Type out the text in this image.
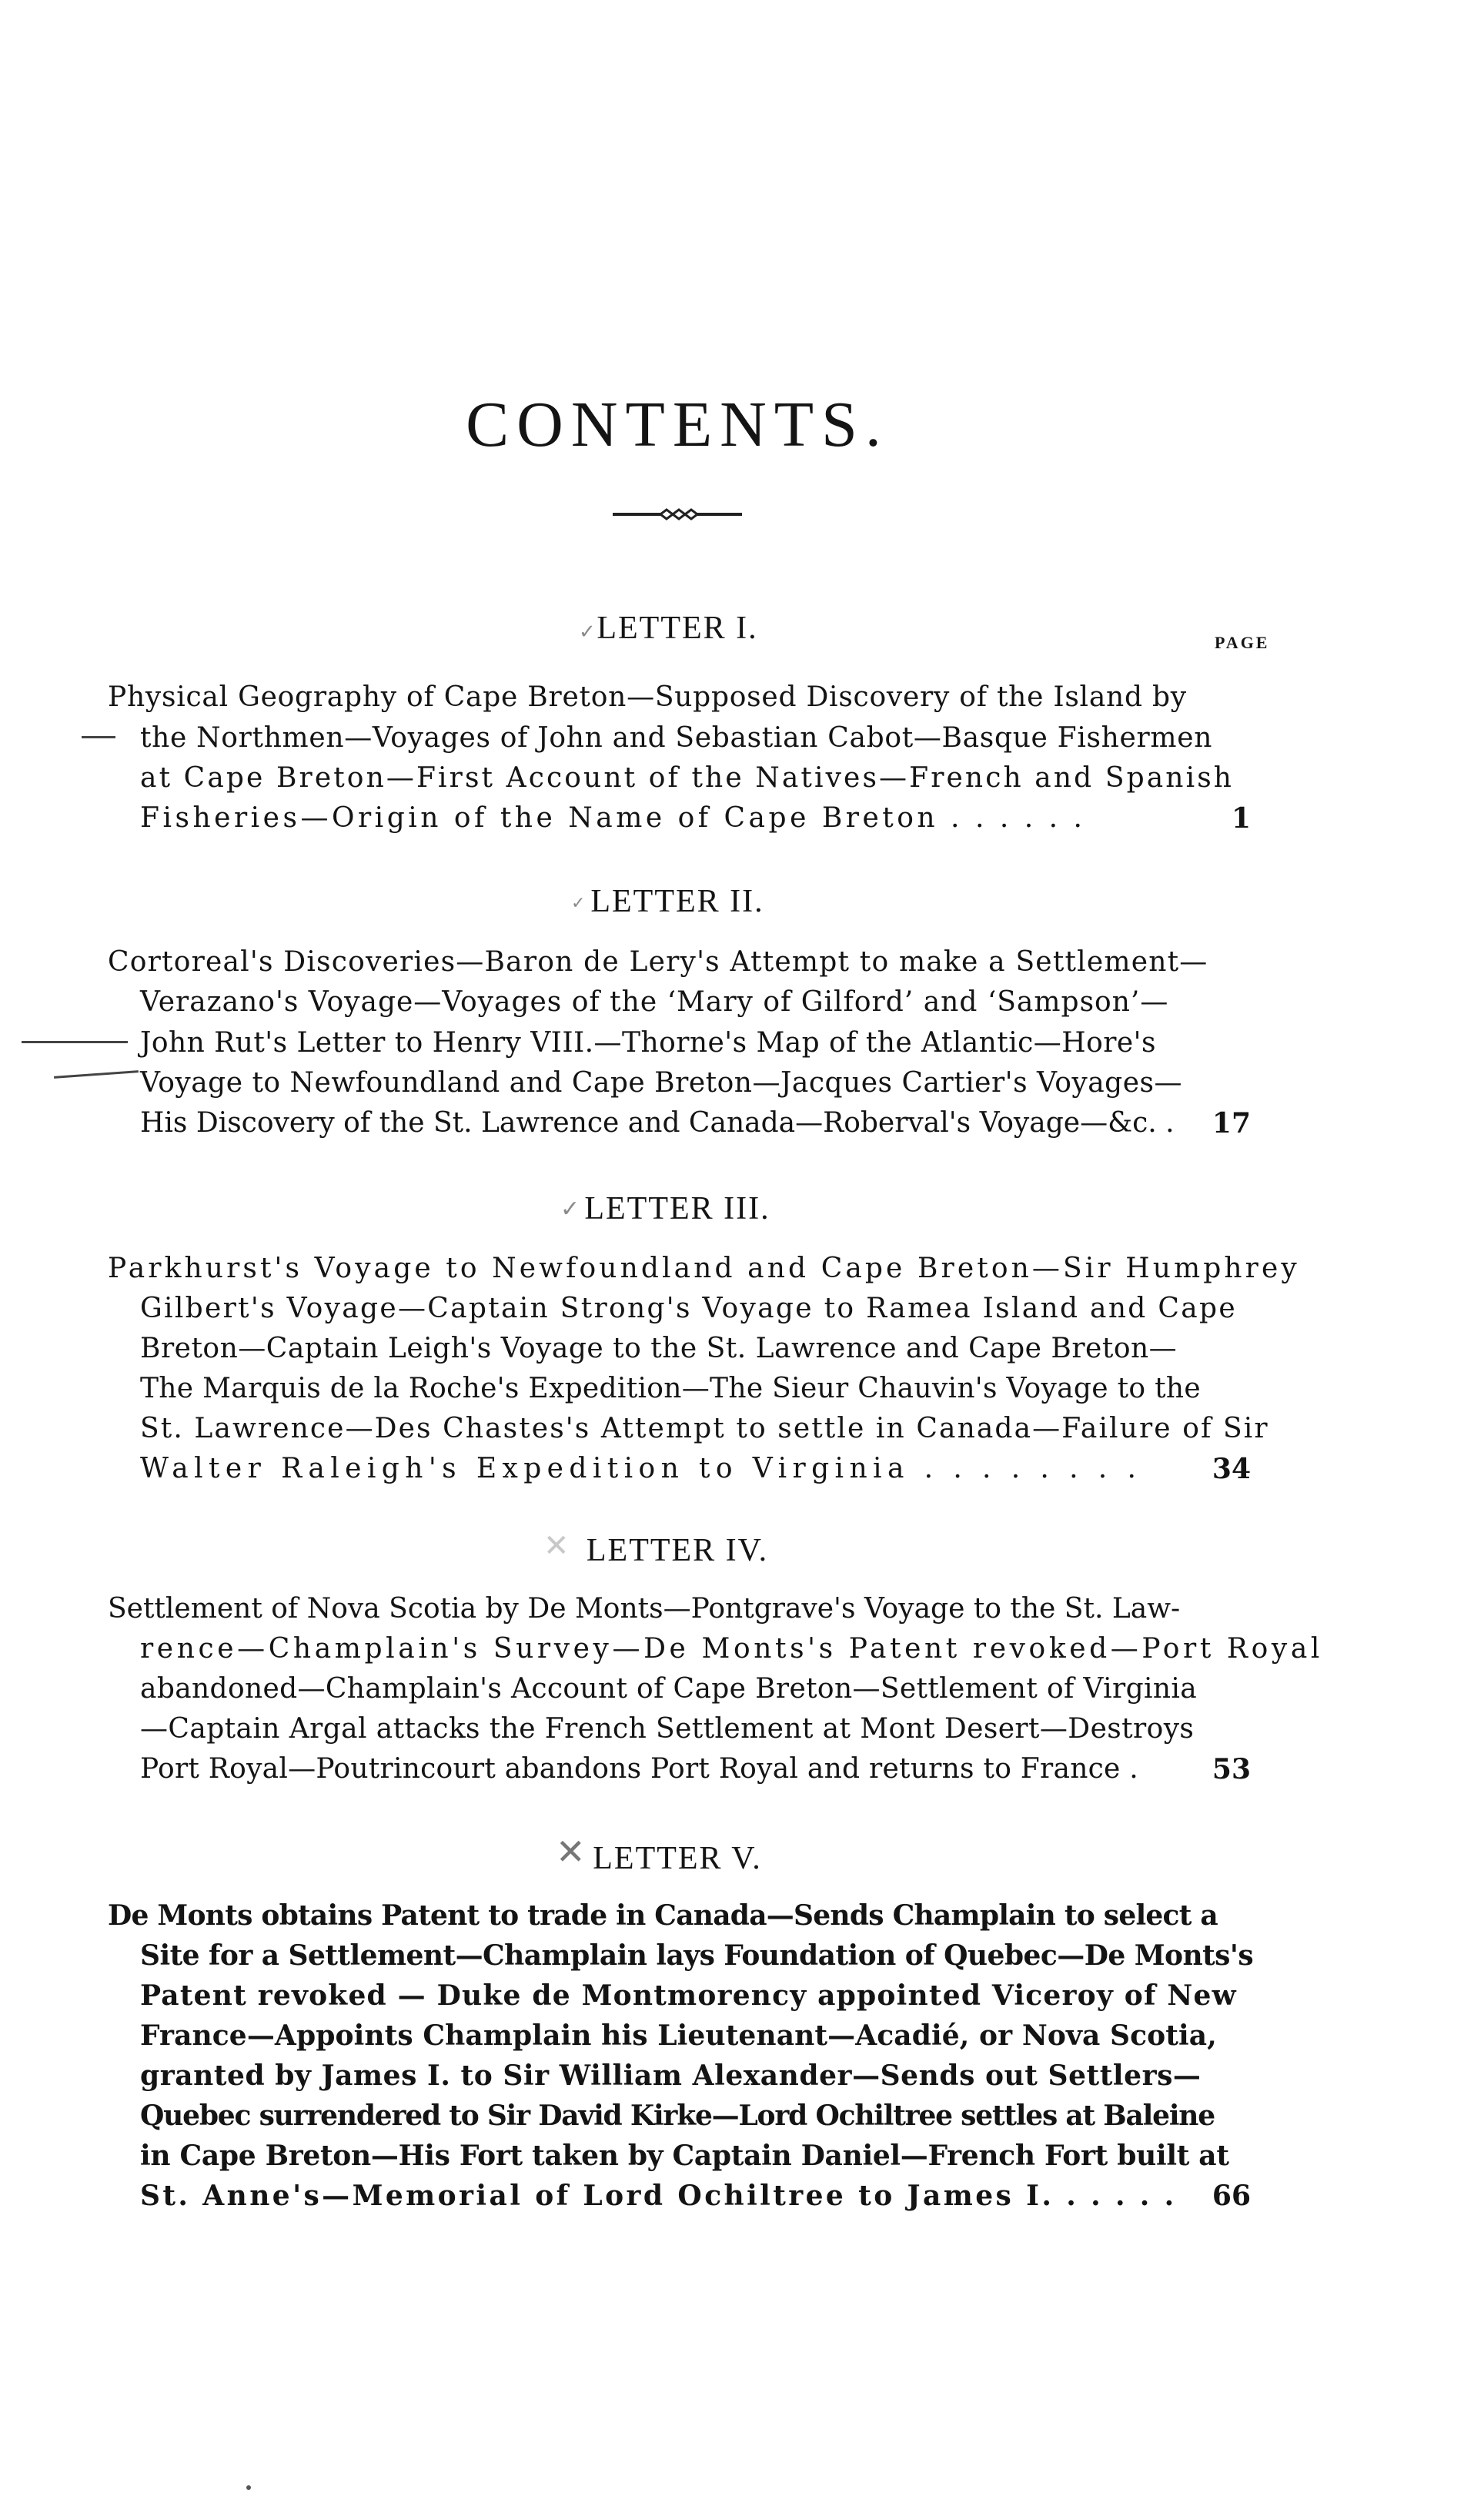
CONTENTS.
✓ LETTER I.	PAGE
Physical Geography of Cape Breton—Supposed Discovery of the Island by
the Northmen—Voyages of John and Sebastian Cabot—Basque Fishermen
at Cape Breton—First Account of the Natives—French and Spanish
Fisheries—Origin of the Name of Cape Breton . . . . . .	1
✓ LETTER II.
Cortoreal's Discoveries—Baron de Lery's Attempt to make a Settlement—
Verazano's Voyage—Voyages of the ‘Mary of Gilford’ and ‘Sampson’—
John Rut's Letter to Henry VIII.—Thorne's Map of the Atlantic—Hore's
Voyage to Newfoundland and Cape Breton—Jacques Cartier's Voyages—
His Discovery of the St. Lawrence and Canada—Roberval's Voyage—&c. .	17
✓ LETTER III.
Parkhurst's Voyage to Newfoundland and Cape Breton—Sir Humphrey
Gilbert's Voyage—Captain Strong's Voyage to Ramea Island and Cape
Breton—Captain Leigh's Voyage to the St. Lawrence and Cape Breton—
The Marquis de la Roche's Expedition—The Sieur Chauvin's Voyage to the
St. Lawrence—Des Chastes's Attempt to settle in Canada—Failure of Sir
Walter Raleigh's Expedition to Virginia . . . . . . . .	34
✕ LETTER IV.
Settlement of Nova Scotia by De Monts—Pontgrave's Voyage to the St. Law-
rence—Champlain's Survey—De Monts's Patent revoked—Port Royal
abandoned—Champlain's Account of Cape Breton—Settlement of Virginia
—Captain Argal attacks the French Settlement at Mont Desert—Destroys
Port Royal—Poutrincourt abandons Port Royal and returns to France .	53
✕ LETTER V.
De Monts obtains Patent to trade in Canada—Sends Champlain to select a
Site for a Settlement—Champlain lays Foundation of Quebec—De Monts's
Patent revoked — Duke de Montmorency appointed Viceroy of New
France—Appoints Champlain his Lieutenant—Acadié, or Nova Scotia,
granted by James I. to Sir William Alexander—Sends out Settlers—
Quebec surrendered to Sir David Kirke—Lord Ochiltree settles at Baleine
in Cape Breton—His Fort taken by Captain Daniel—French Fort built at
St. Anne's—Memorial of Lord Ochiltree to James I. . . . . .	66
